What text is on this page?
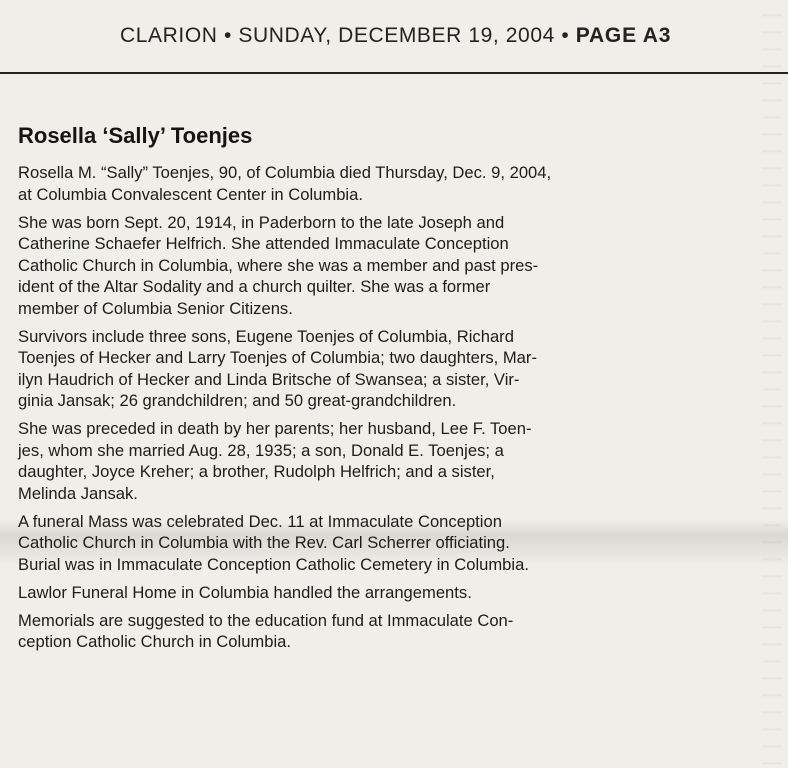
CLARION • SUNDAY, DECEMBER 19, 2004 • PAGE A3
Rosella ‘Sally’ Toenjes

Rosella M. “Sally” Toenjes, 90, of Columbia died Thursday, Dec. 9, 2004,
at Columbia Convalescent Center in Columbia.

She was born Sept. 20, 1914, in Paderborn to the late Joseph and
Catherine Schaefer Helfrich. She attended Immaculate Conception
Catholic Church in Columbia, where she was a member and past pres-
ident of the Altar Sodality and a church quilter. She was a former
member of Columbia Senior Citizens.

Survivors include three sons, Eugene Toenjes of Columbia, Richard
Toenjes of Hecker and Larry Toenjes of Columbia; two daughters, Mar-
ilyn Haudrich of Hecker and Linda Britsche of Swansea; a sister, Vir-
ginia Jansak; 26 grandchildren; and 50 great-grandchildren.

She was preceded in death by her parents; her husband, Lee F. Toen-
jes, whom she married Aug. 28, 1935; a son, Donald E. Toenjes; a
daughter, Joyce Kreher; a brother, Rudolph Helfrich; and a sister,
Melinda Jansak.

A funeral Mass was celebrated Dec. 11 at Immaculate Conception
Catholic Church in Columbia with the Rev. Carl Scherrer officiating.
Burial was in Immaculate Conception Catholic Cemetery in Columbia.

Lawlor Funeral Home in Columbia handled the arrangements.

Memorials are suggested to the education fund at Immaculate Con-
ception Catholic Church in Columbia.
